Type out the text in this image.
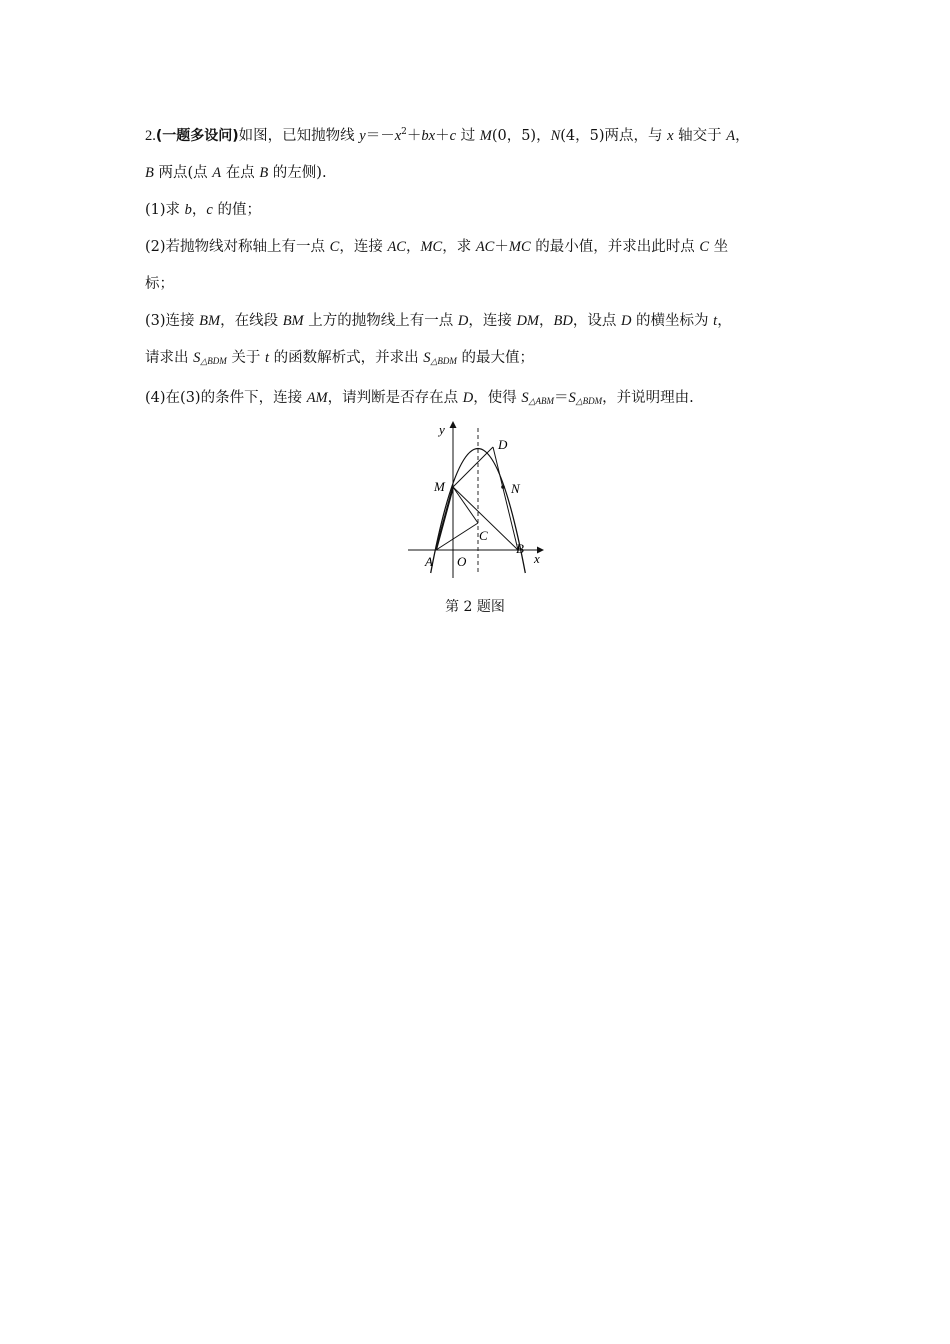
2.(一题多设问)如图，已知抛物线 $y=-x^2+bx+c$ 过 M(0，5)，N(4，5)两点，与 x 轴交于 A，
B 两点(点 A 在点 B 的左侧).
(1)求 b，c 的值；
(2)若抛物线对称轴上有一点 C，连接 AC，MC，求 AC＋MC 的最小值，并求出此时点 C 坐
标；
(3)连接 BM，在线段 BM 上方的抛物线上有一点 D，连接 DM，BD，设点 D 的横坐标为 t，
请求出 $S_{\triangle BDM}$ 关于 t 的函数解析式，并求出 $S_{\triangle BDM}$ 的最大值；
(4)在(3)的条件下，连接 AM，请判断是否存在点 D，使得 $S_{\triangle ABM}=S_{\triangle BDM}$，并说明理由.
y
x
D
M	N
C
A O
B
第 2 题图
